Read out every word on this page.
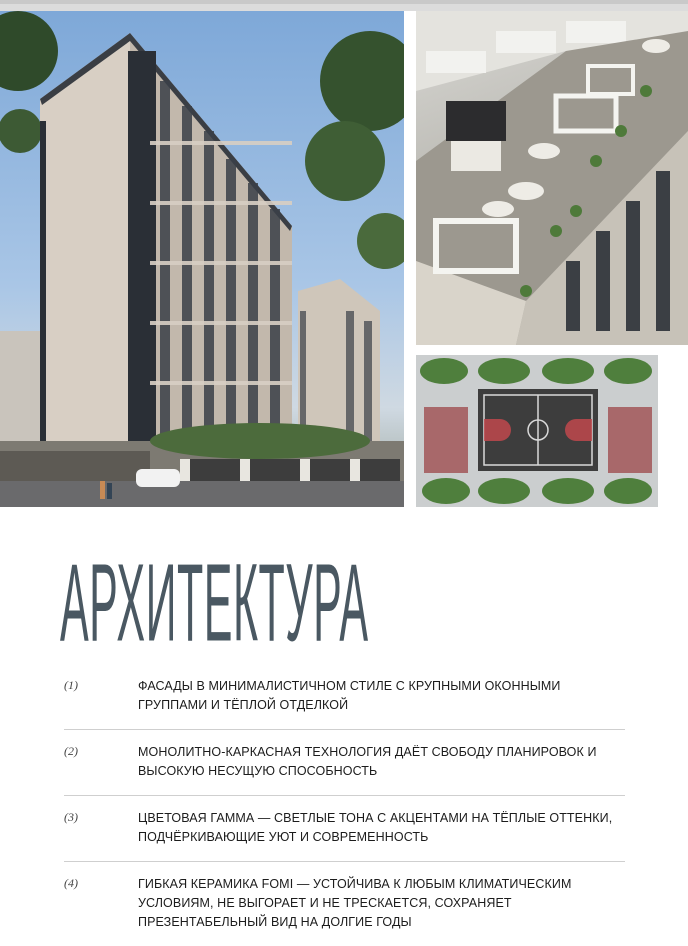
АРХИТЕКТУРА
(1)	ФАСАДЫ В МИНИМАЛИСТИЧНОМ СТИЛЕ С КРУПНЫМИ ОКОННЫМИ ГРУППАМИ И ТЁПЛОЙ ОТДЕЛКОЙ
(2)	МОНОЛИТНО-КАРКАСНАЯ ТЕХНОЛОГИЯ ДАЁТ СВОБОДУ ПЛАНИРОВОК И ВЫСОКУЮ НЕСУЩУЮ СПОСОБНОСТЬ
(3)	ЦВЕТОВАЯ ГАММА — СВЕТЛЫЕ ТОНА С АКЦЕНТАМИ НА ТЁПЛЫЕ ОТТЕНКИ, ПОДЧЁРКИВАЮЩИЕ УЮТ И СОВРЕМЕННОСТЬ
(4)	ГИБКАЯ КЕРАМИКА FOMI — УСТОЙЧИВА К ЛЮБЫМ КЛИМАТИЧЕСКИМ УСЛОВИЯМ, НЕ ВЫГОРАЕТ И НЕ ТРЕСКАЕТСЯ, СОХРАНЯЕТ ПРЕЗЕНТАБЕЛЬНЫЙ ВИД НА ДОЛГИЕ ГОДЫ
